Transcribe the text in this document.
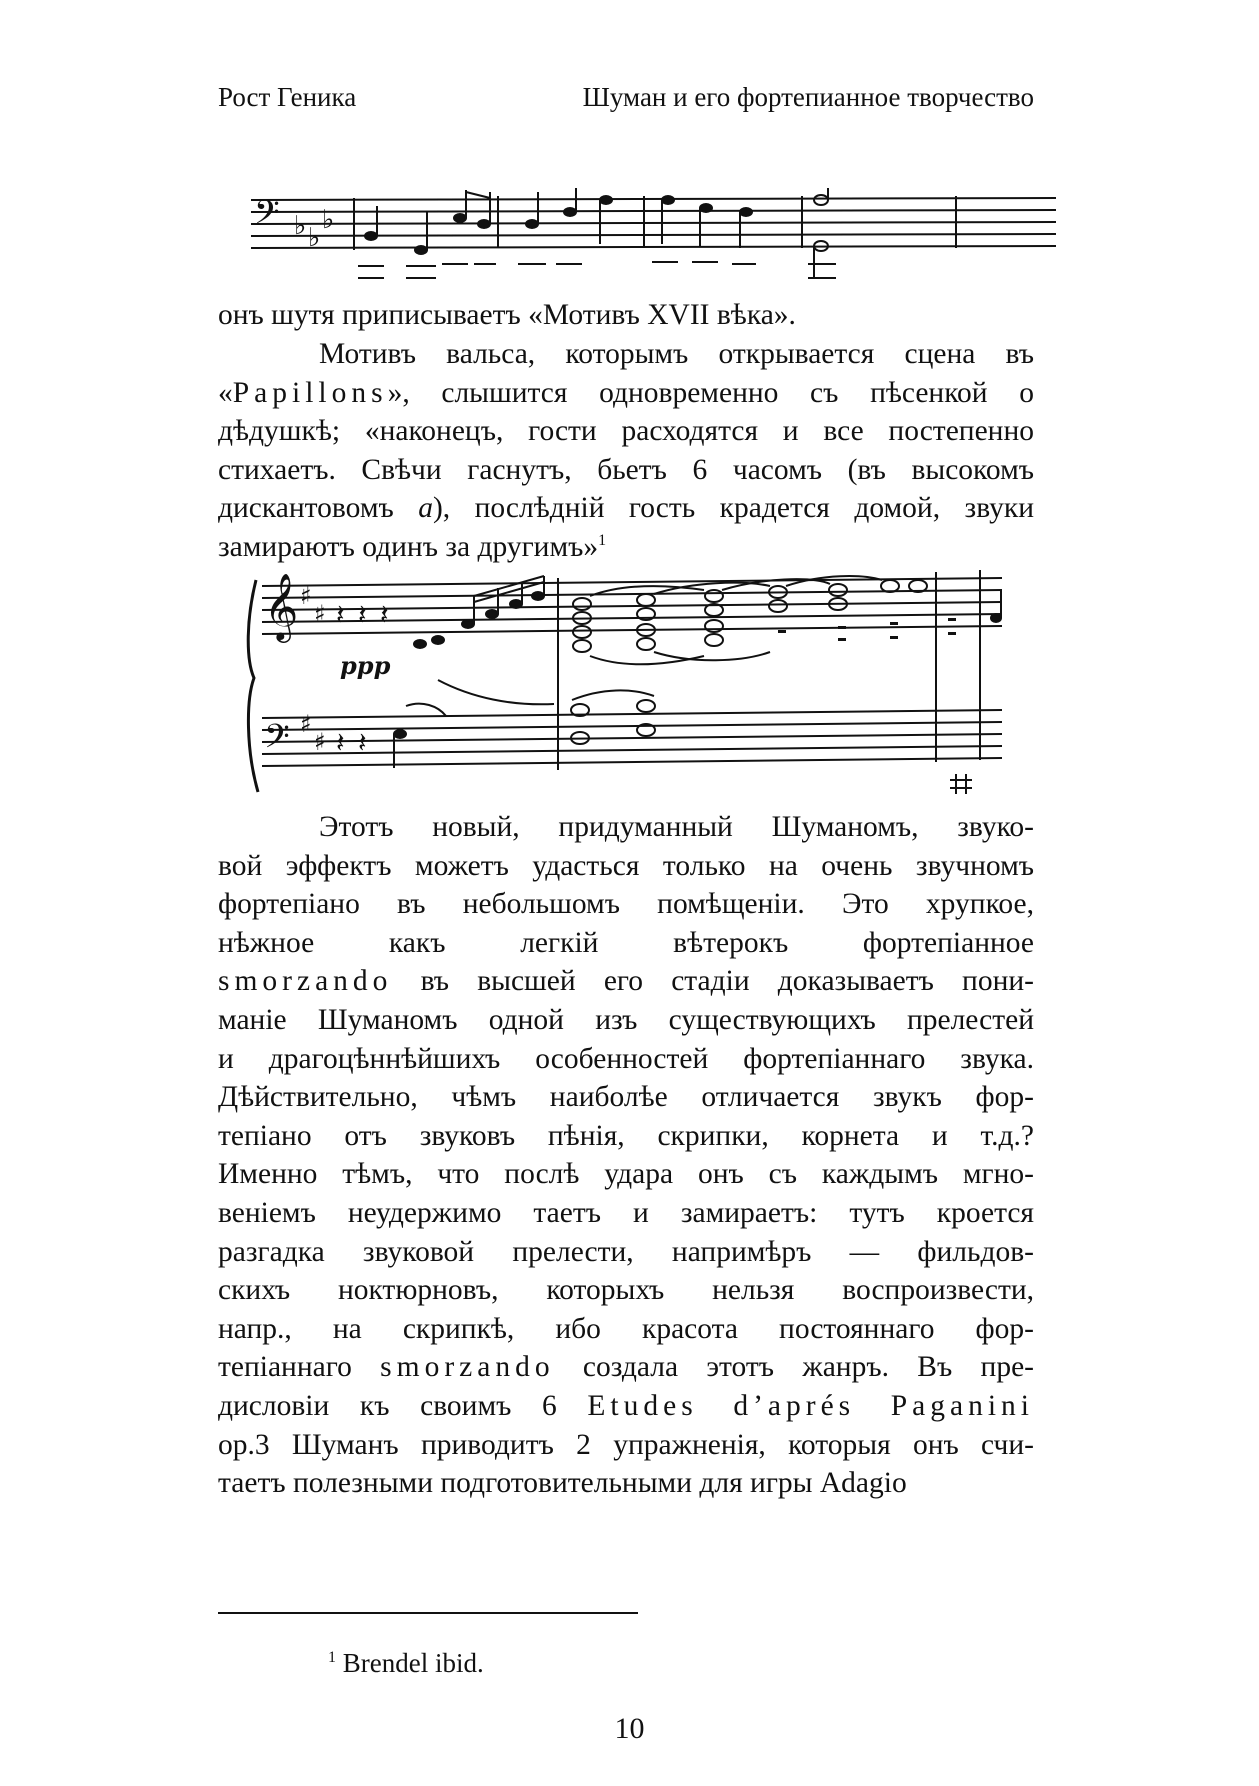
Рост Геника	Шуман и его фортепианное творчество
𝄢 ♭ ♭
♭

онъ шутя приписываетъ «Мотивъ XVII вѣка».

Мотивъ вальса, которымъ открывается сцена въ
«Papillons», слышится одновременно съ пѣсенкой о
дѣдушкѣ; «наконецъ, гости расходятся и все постепенно
стихаетъ. Свѣчи гаснутъ, бьетъ 6 часомъ (въ высокомъ
дискантовомъ a), послѣднiй гость крадется домой, звуки
замираютъ одинъ за другимъ»$^1$

𝄞
𝄢
♯
♯
♯
♯
𝄽 𝄽 𝄽
𝄽 𝄽
ppp

Этотъ новый, придуманный Шуманомъ, звуко-
вой эффектъ можетъ удасться только на очень звучномъ
фортепiано въ небольшомъ помѣщенiи. Это хрупкое,
нѣжное какъ легкiй вѣтерокъ фортепiанное
smorzando въ высшей его стадiи доказываетъ пони-
манiе Шуманомъ одной изъ существующихъ прелестей
и драгоцѣннѣйшихъ особенностей фортепiаннаго звука.
Дѣйствительно, чѣмъ наиболѣе отличается звукъ фор-
тепiано отъ звуковъ пѣнiя, скрипки, корнета и т.д.?
Именно тѣмъ, что послѣ удара онъ съ каждымъ мгно-
венiемъ неудержимо таетъ и замираетъ: тутъ кроется
разгадка звуковой прелести, напримѣръ — фильдов-
скихъ ноктюрновъ, которыхъ нельзя воспроизвести,
напр., на скрипкѣ, ибо красота постояннаго фор-
тепiаннаго smorzando создала этотъ жанръ. Въ пре-
дисловiи къ своимъ 6 Etudes d’aprés Paganini
op.3 Шуманъ приводитъ 2 упражненiя, которыя онъ счи-
таетъ полезными подготовительными для игры Adagio

$^1$ Brendel ibid.
10
